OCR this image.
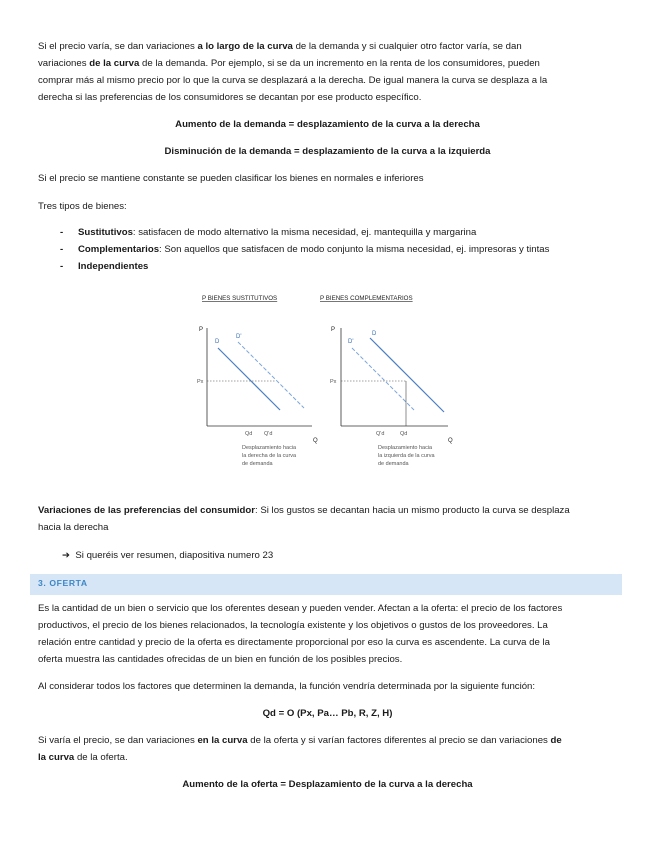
Si el precio varía, se dan variaciones a lo largo de la curva de la demanda y si cualquier otro factor varía, se dan
variaciones de la curva de la demanda. Por ejemplo, si se da un incremento en la renta de los consumidores, pueden
comprar más al mismo precio por lo que la curva se desplazará a la derecha. De igual manera la curva se desplaza a la
derecha si las preferencias de los consumidores se decantan por ese producto específico.
Aumento de la demanda = desplazamiento de la curva a la derecha
Disminución de la demanda = desplazamiento de la curva a la izquierda
Si el precio se mantiene constante se pueden clasificar los bienes en normales e inferiores
Tres tipos de bienes:
- Sustitutivos: satisfacen de modo alternativo la misma necesidad, ej. mantequilla y margarina
- Complementarios: Son aquellos que satisfacen de modo conjunto la misma necesidad, ej. impresoras y tintas
- Independientes
P BIENES SUSTITUTIVOS
P
Q
D
D'
Px
Qd Q'd
Desplazamiento hacia
la derecha de la curva
de demanda
P BIENES COMPLEMENTARIOS
P
Q
D'
D
Px
Q'd	Qd
Desplazamiento hacia
la izquierda de la curva
de demanda
Variaciones de las preferencias del consumidor: Si los gustos se decantan hacia un mismo producto la curva se desplaza
hacia la derecha
➔ Si queréis ver resumen, diapositiva numero 23
3. OFERTA
Es la cantidad de un bien o servicio que los oferentes desean y pueden vender. Afectan a la oferta: el precio de los factores
productivos, el precio de los bienes relacionados, la tecnología existente y los objetivos o gustos de los proveedores. La
relación entre cantidad y precio de la oferta es directamente proporcional por eso la curva es ascendente. La curva de la
oferta muestra las cantidades ofrecidas de un bien en función de los posibles precios.
Al considerar todos los factores que determinen la demanda, la función vendría determinada por la siguiente función:
Qd = O (Px, Pa… Pb, R, Z, H)
Si varía el precio, se dan variaciones en la curva de la oferta y si varían factores diferentes al precio se dan variaciones de
la curva de la oferta.
Aumento de la oferta = Desplazamiento de la curva a la derecha
